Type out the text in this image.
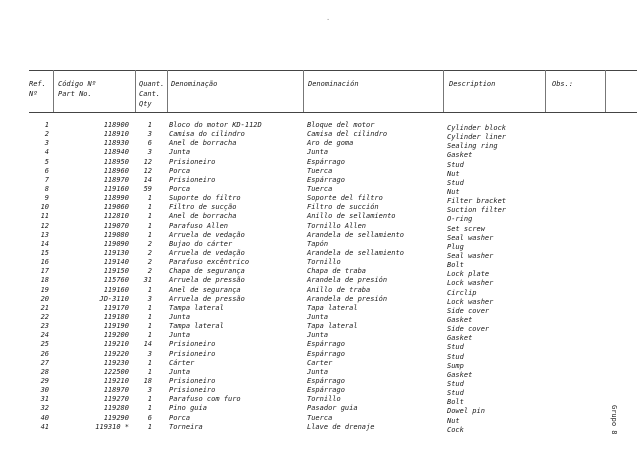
.
Ref.
Nº
Código Nº
Part No.
Quant.
Cant.
Qty
Denominação	Denominación	Description	Obs.:
1	118900	1 Bloco do motor KD-112D	Bloque del motor	Cylinder block
2	118910	3 Camisa do cilindro	Camisa del cilindro	Cylinder liner
3	118930	6 Anel de borracha	Aro de goma	Sealing ring
4	118940	3 Junta	Junta	Gasket
5	118950	12 Prisioneiro	Espárrago	Stud
6	118960	12 Porca	Tuerca	Nut
7	118970	14 Prisioneiro	Espárrago	Stud
8	119160	59 Porca	Tuerca	Nut
9	118990	1 Suporte do filtro	Soporte del filtro	Filter bracket
10	119060	1 Filtro de sucção	Filtro de succión	Suction filter
11	112810	1 Anel de borracha	Anillo de sellamiento	O-ring
12	119070	1 Parafuso Allen	Tornillo Allen	Set screw
13	119080	1 Arruela de vedação	Arandela de sellamiento	Seal washer
14	119090	2 Bujao do cárter	Tapón	Plug
15	119130	2 Arruela de vedação	Arandela de sellamiento	Seal washer
16	119140	2 Parafuso excêntrico	Tornillo	Bolt
17	119150	2 Chapa de segurança	Chapa de traba	Lock plate
18	115760	31 Arruela de pressão	Arandela de presión	Lock washer
19	119160	1 Anel de segurança	Anillo de traba	Circlip
20	JD-3110	3 Arruela de pressão	Arandela de presión	Lock washer
21	119170	1 Tampa lateral	Tapa lateral	Side cover
22	119180	1 Junta	Junta	Gasket
23	119190	1 Tampa lateral	Tapa lateral	Side cover
24	119200	1 Junta	Junta	Gasket
25	119210	14 Prisioneiro	Espárrago	Stud
26	119220	3 Prisioneiro	Espárrago	Stud
27	119230	1 Cárter	Carter	Sump
28	122500	1 Junta	Junta	Gasket
29	119210	18 Prisioneiro	Espárrago	Stud
30	118970	3 Prisioneiro	Espárrago	Stud
31	119270	1 Parafuso com furo	Tornillo	Bolt
32	119280	1 Pino guia	Pasador guia	Dowel pin
40	119290	6 Porca	Tuerca	Nut
41	119310 *	1 Torneira	Llave de drenaje	Cock	Grupo 8
